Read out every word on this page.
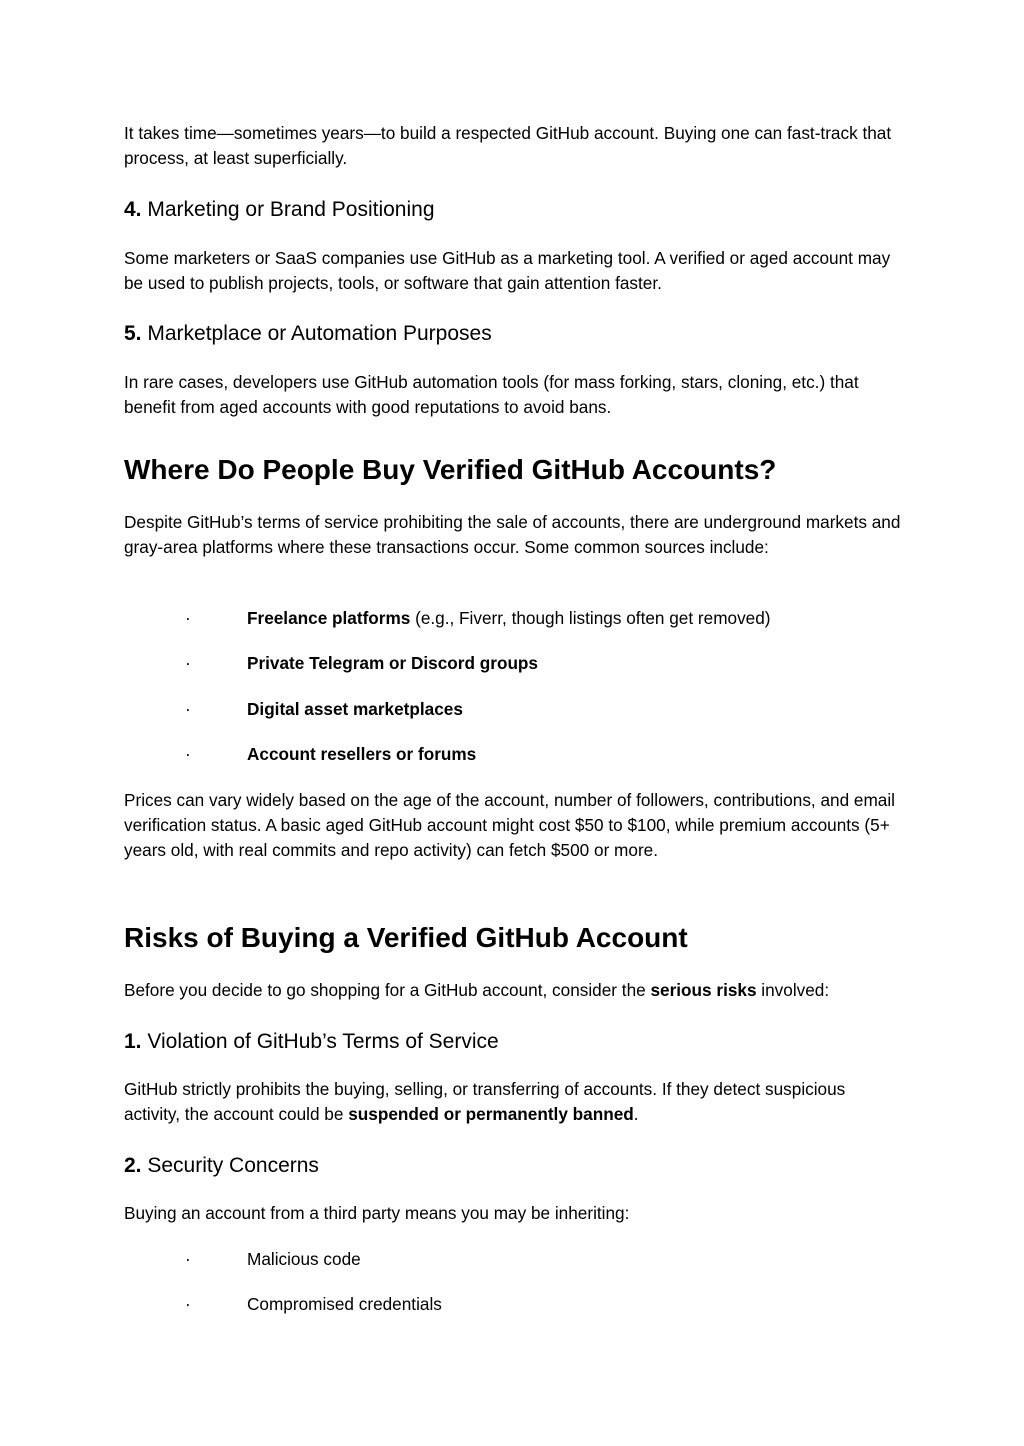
It takes time—sometimes years—to build a respected GitHub account. Buying one can fast-track that process, at least superficially.

4. Marketing or Brand Positioning

Some marketers or SaaS companies use GitHub as a marketing tool. A verified or aged account may be used to publish projects, tools, or software that gain attention faster.

5. Marketplace or Automation Purposes

In rare cases, developers use GitHub automation tools (for mass forking, stars, cloning, etc.) that benefit from aged accounts with good reputations to avoid bans.

Where Do People Buy Verified GitHub Accounts?

Despite GitHub’s terms of service prohibiting the sale of accounts, there are underground markets and gray-area platforms where these transactions occur. Some common sources include:

·	Freelance platforms (e.g., Fiverr, though listings often get removed)
·	Private Telegram or Discord groups
·	Digital asset marketplaces
·	Account resellers or forums

Prices can vary widely based on the age of the account, number of followers, contributions, and email verification status. A basic aged GitHub account might cost $50 to $100, while premium accounts (5+ years old, with real commits and repo activity) can fetch $500 or more.

Risks of Buying a Verified GitHub Account

Before you decide to go shopping for a GitHub account, consider the serious risks involved:

1. Violation of GitHub’s Terms of Service

GitHub strictly prohibits the buying, selling, or transferring of accounts. If they detect suspicious activity, the account could be suspended or permanently banned.

2. Security Concerns

Buying an account from a third party means you may be inheriting:

·	Malicious code
·	Compromised credentials
